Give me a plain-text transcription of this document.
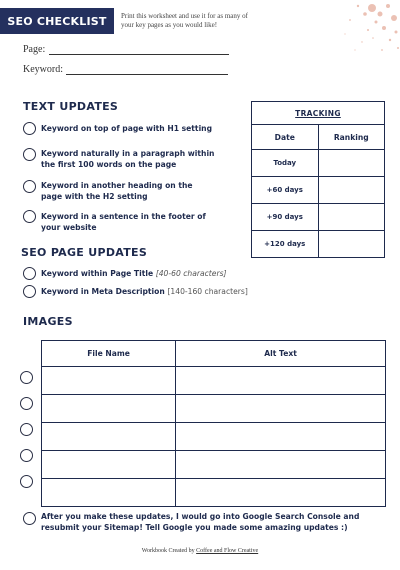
SEO CHECKLIST	Print this worksheet and use it for as many of your key pages as you would like!
Page:
Keyword:
TEXT UPDATES
Keyword on top of page with H1 setting
Keyword naturally in a paragraph within the first 100 words on the page
Keyword in another heading on the page with the H2 setting
Keyword in a sentence in the footer of your website
TRACKING	
Date	Ranking
Today	
+60 days	
+90 days	
+120 days	
SEO PAGE UPDATES
Keyword within Page Title [40-60 characters]
Keyword in Meta Description [140-160 characters]
IMAGES
File Name	Alt Text

After you make these updates, I would go into Google Search Console and resubmit your Sitemap! Tell Google you made some amazing updates :)
Workbook Created by Coffee and Flow Creative
